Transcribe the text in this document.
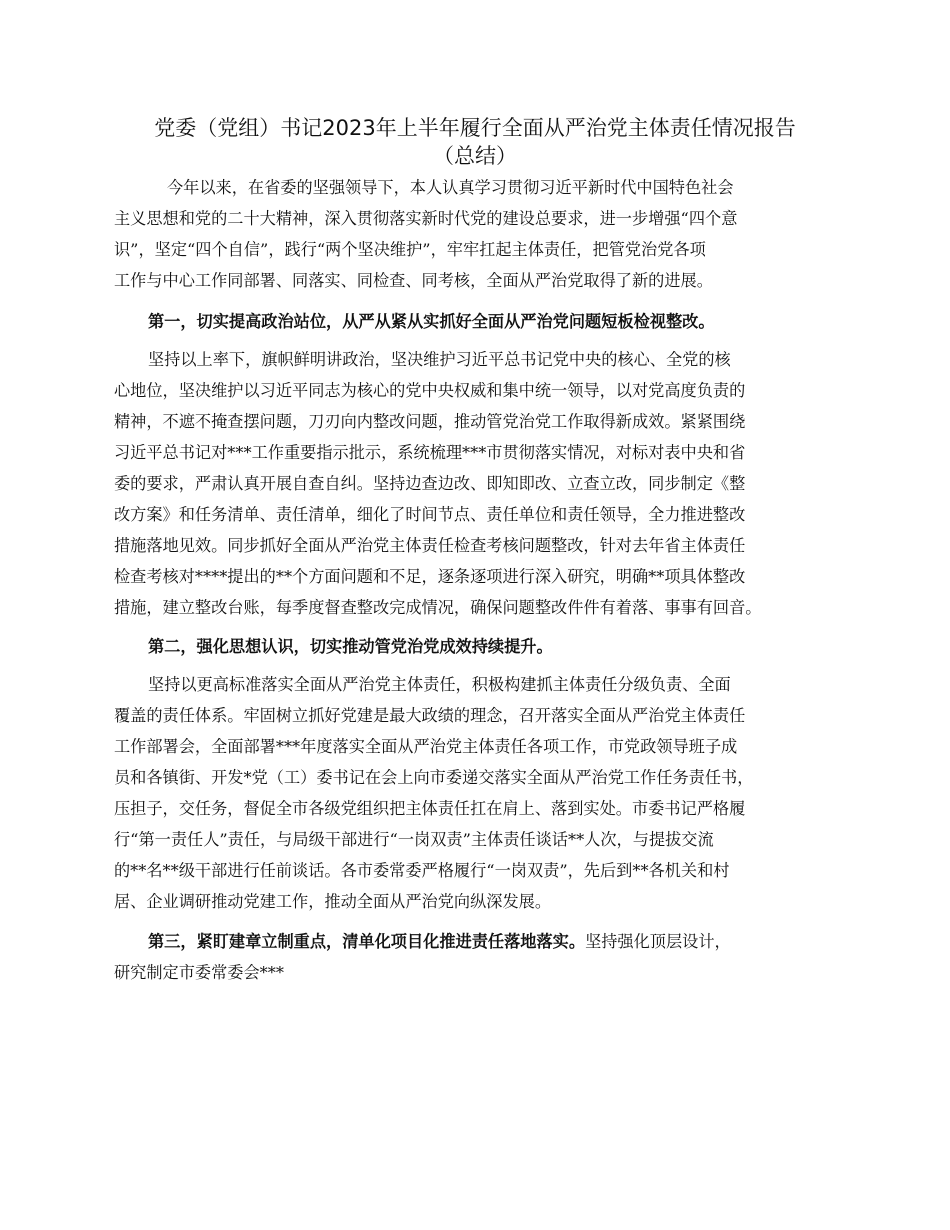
党委（党组）书记2023年上半年履行全面从严治党主体责任情况报告
（总结）

今年以来，在省委的坚强领导下，本人认真学习贯彻习近平新时代中国特色社会

主义思想和党的二十大精神，深入贯彻落实新时代党的建设总要求，进一步增强“四个意

识”，坚定“四个自信”，践行“两个坚决维护”，牢牢扛起主体责任，把管党治党各项

工作与中心工作同部署、同落实、同检查、同考核，全面从严治党取得了新的进展。

第一，切实提高政治站位，从严从紧从实抓好全面从严治党问题短板检视整改。

坚持以上率下，旗帜鲜明讲政治，坚决维护习近平总书记党中央的核心、全党的核

心地位，坚决维护以习近平同志为核心的党中央权威和集中统一领导，以对党高度负责的

精神，不遮不掩查摆问题，刀刃向内整改问题，推动管党治党工作取得新成效。紧紧围绕

习近平总书记对***工作重要指示批示，系统梳理***市贯彻落实情况，对标对表中央和省

委的要求，严肃认真开展自查自纠。坚持边查边改、即知即改、立查立改，同步制定《整

改方案》和任务清单、责任清单，细化了时间节点、责任单位和责任领导，全力推进整改

措施落地见效。同步抓好全面从严治党主体责任检查考核问题整改，针对去年省主体责任

检查考核对****提出的**个方面问题和不足，逐条逐项进行深入研究，明确**项具体整改

措施，建立整改台账，每季度督查整改完成情况，确保问题整改件件有着落、事事有回音。

第二，强化思想认识，切实推动管党治党成效持续提升。

坚持以更高标准落实全面从严治党主体责任，积极构建抓主体责任分级负责、全面

覆盖的责任体系。牢固树立抓好党建是最大政绩的理念，召开落实全面从严治党主体责任

工作部署会，全面部署***年度落实全面从严治党主体责任各项工作，市党政领导班子成

员和各镇街、开发*党（工）委书记在会上向市委递交落实全面从严治党工作任务责任书，

压担子，交任务，督促全市各级党组织把主体责任扛在肩上、落到实处。市委书记严格履

行“第一责任人”责任，与局级干部进行“一岗双责”主体责任谈话**人次，与提拔交流

的**名**级干部进行任前谈话。各市委常委严格履行“一岗双责”，先后到**各机关和村

居、企业调研推动党建工作，推动全面从严治党向纵深发展。

第三，紧盯建章立制重点，清单化项目化推进责任落地落实。坚持强化顶层设计，

研究制定市委常委会***
